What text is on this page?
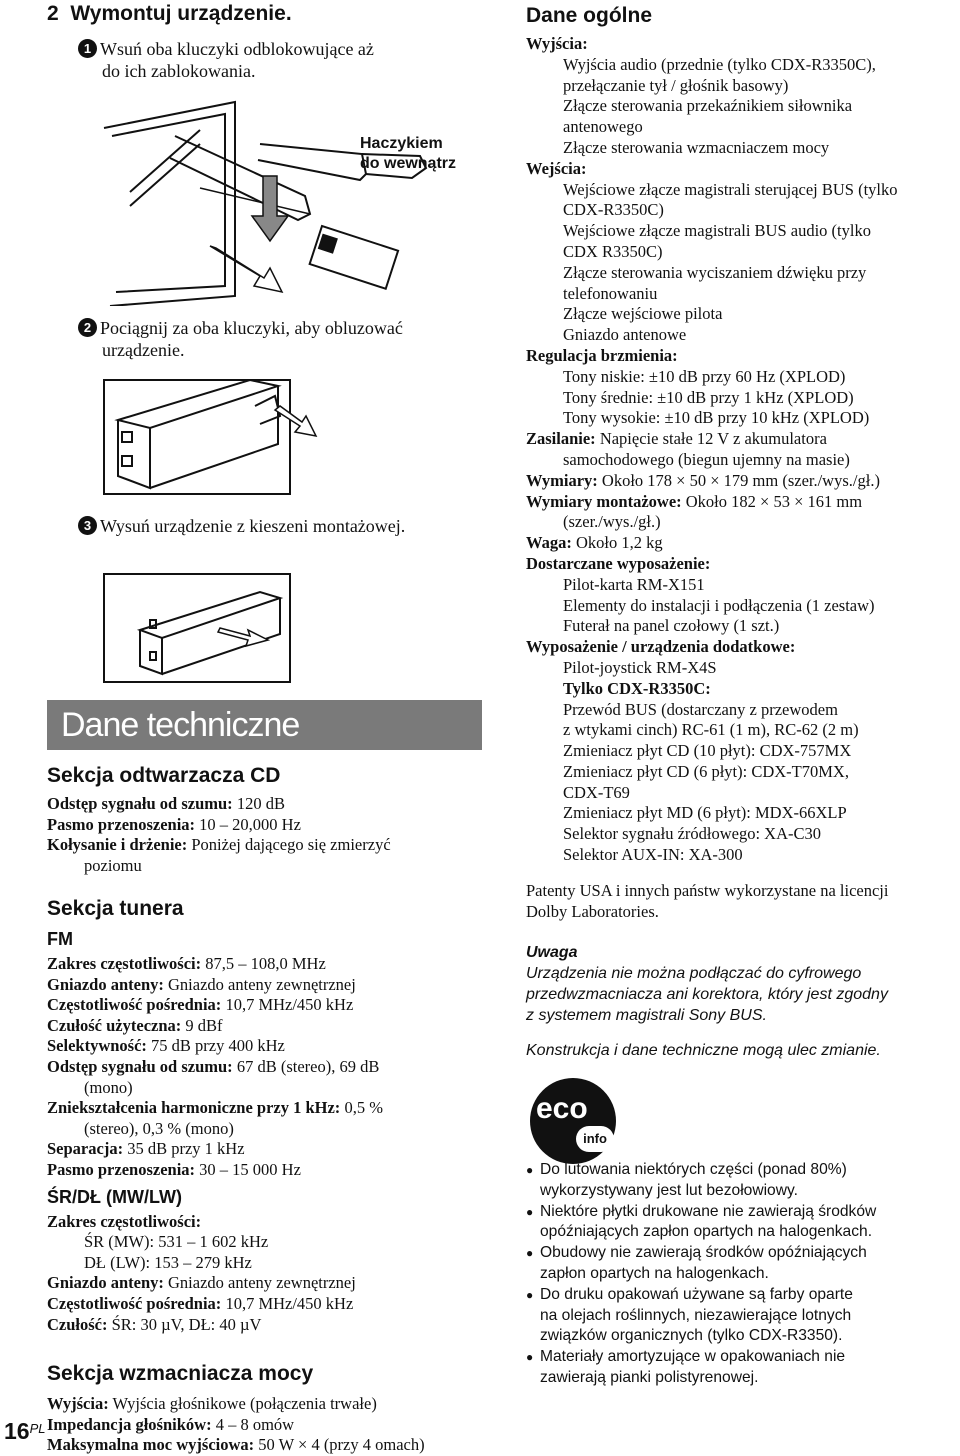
2 Wymontuj urządzenie.
1 Wsuń oba kluczyki odblokowujące aż
do ich zablokowania.
Haczykiem
do wewnątrz
2 Pociągnij za oba kluczyki, aby obluzować
urządzenie.
3 Wysuń urządzenie z kieszeni montażowej.
Dane techniczne
Sekcja odtwarzacza CD
Odstęp sygnału od szumu: 120 dB
Pasmo przenoszenia: 10 – 20,000 Hz
Kołysanie i drżenie: Poniżej dającego się zmierzyć
poziomu
Sekcja tunera
FM
Zakres częstotliwości: 87,5 – 108,0 MHz
Gniazdo anteny: Gniazdo anteny zewnętrznej
Częstotliwość pośrednia: 10,7 MHz/450 kHz
Czułość użyteczna: 9 dBf
Selektywność: 75 dB przy 400 kHz
Odstęp sygnału od szumu: 67 dB (stereo), 69 dB
(mono)
Zniekształcenia harmoniczne przy 1 kHz: 0,5 %
(stereo), 0,3 % (mono)
Separacja: 35 dB przy 1 kHz
Pasmo przenoszenia: 30 – 15 000 Hz
ŚR/DŁ (MW/LW)
Zakres częstotliwości:
ŚR (MW): 531 – 1 602 kHz
DŁ (LW): 153 – 279 kHz
Gniazdo anteny: Gniazdo anteny zewnętrznej
Częstotliwość pośrednia: 10,7 MHz/450 kHz
Czułość: ŚR: 30 µV, DŁ: 40 µV
Sekcja wzmacniacza mocy
Wyjścia: Wyjścia głośnikowe (połączenia trwałe)
Impedancja głośników: 4 – 8 omów
Maksymalna moc wyjściowa: 50 W × 4 (przy 4 omach)
$16^{PL}$
Dane ogólne
Wyjścia:
Wyjścia audio (przednie (tylko CDX-R3350C),
przełączanie tył / głośnik basowy)
Złącze sterowania przekaźnikiem siłownika
antenowego
Złącze sterowania wzmacniaczem mocy
Wejścia:
Wejściowe złącze magistrali sterującej BUS (tylko
CDX-R3350C)
Wejściowe złącze magistrali BUS audio (tylko
CDX R3350C)
Złącze sterowania wyciszaniem dźwięku przy
telefonowaniu
Złącze wejściowe pilota
Gniazdo antenowe
Regulacja brzmienia:
Tony niskie: ±10 dB przy 60 Hz (XPLOD)
Tony średnie: ±10 dB przy 1 kHz (XPLOD)
Tony wysokie: ±10 dB przy 10 kHz (XPLOD)
Zasilanie: Napięcie stałe 12 V z akumulatora
samochodowego (biegun ujemny na masie)
Wymiary: Około 178 × 50 × 179 mm (szer./wys./gł.)
Wymiary montażowe: Około 182 × 53 × 161 mm
(szer./wys./gł.)
Waga: Około 1,2 kg
Dostarczane wyposażenie:
Pilot-karta RM-X151
Elementy do instalacji i podłączenia (1 zestaw)
Futerał na panel czołowy (1 szt.)
Wyposażenie / urządzenia dodatkowe:
Pilot-joystick RM-X4S
Tylko CDX-R3350C:
Przewód BUS (dostarczany z przewodem
z wtykami cinch) RC-61 (1 m), RC-62 (2 m)
Zmieniacz płyt CD (10 płyt): CDX-757MX
Zmieniacz płyt CD (6 płyt): CDX-T70MX,
CDX-T69
Zmieniacz płyt MD (6 płyt): MDX-66XLP
Selektor sygnału źródłowego: XA-C30
Selektor AUX-IN: XA-300
Patenty USA i innych państw wykorzystane na licencji
Dolby Laboratories.
Uwaga
Urządzenia nie można podłączać do cyfrowego
przedwzmacniacza ani korektora, który jest zgodny
z systemem magistrali Sony BUS.
Konstrukcja i dane techniczne mogą ulec zmianie.
eco
info
● Do lutowania niektórych części (ponad 80%)
wykorzystywany jest lut bezołowiowy.
● Niektóre płytki drukowane nie zawierają środków
opóźniających zapłon opartych na halogenkach.
● Obudowy nie zawierają środków opóźniających
zapłon opartych na halogenkach.
● Do druku opakowań używane są farby oparte
na olejach roślinnych, niezawierające lotnych
związków organicznych (tylko CDX-R3350).
● Materiały amortyzujące w opakowaniach nie
zawierają pianki polistyrenowej.
